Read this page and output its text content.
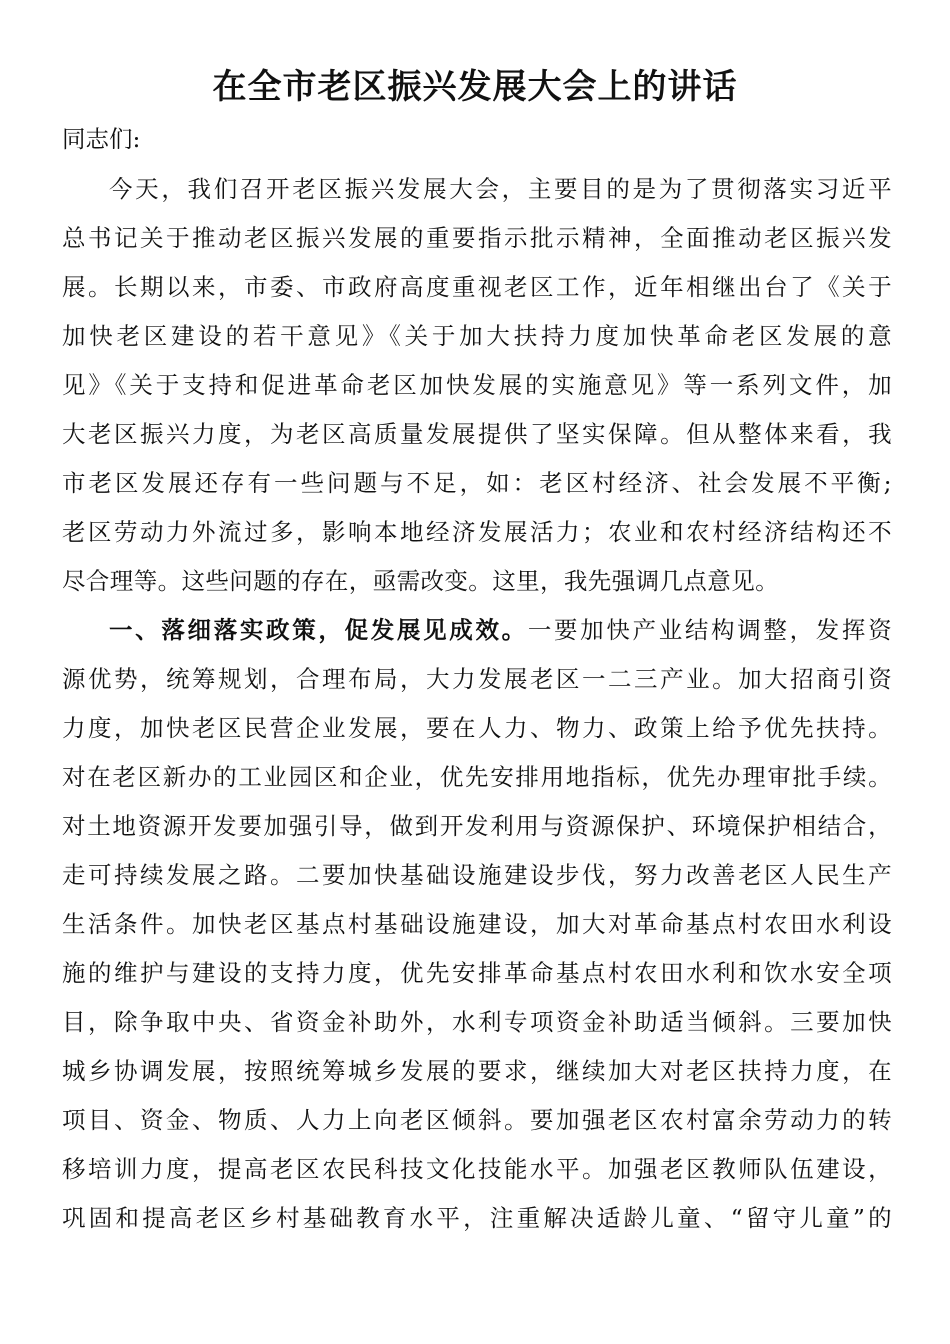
在全市老区振兴发展大会上的讲话

同志们:

今天，我们召开老区振兴发展大会，主要目的是为了贯彻落实习近平
总书记关于推动老区振兴发展的重要指示批示精神，全面推动老区振兴发
展。长期以来，市委、市政府高度重视老区工作，近年相继出台了《关于
加快老区建设的若干意见》《关于加大扶持力度加快革命老区发展的意
见》《关于支持和促进革命老区加快发展的实施意见》等一系列文件，加
大老区振兴力度，为老区高质量发展提供了坚实保障。但从整体来看，我
市老区发展还存有一些问题与不足，如：老区村经济、社会发展不平衡;
老区劳动力外流过多，影响本地经济发展活力；农业和农村经济结构还不
尽合理等。这些问题的存在，亟需改变。这里，我先强调几点意见。
一、落细落实政策，促发展见成效。一要加快产业结构调整，发挥资
源优势，统筹规划，合理布局，大力发展老区一二三产业。加大招商引资
力度，加快老区民营企业发展，要在人力、物力、政策上给予优先扶持。
对在老区新办的工业园区和企业，优先安排用地指标，优先办理审批手续。
对土地资源开发要加强引导，做到开发利用与资源保护、环境保护相结合，
走可持续发展之路。二要加快基础设施建设步伐，努力改善老区人民生产
生活条件。加快老区基点村基础设施建设，加大对革命基点村农田水利设
施的维护与建设的支持力度，优先安排革命基点村农田水利和饮水安全项
目，除争取中央、省资金补助外，水利专项资金补助适当倾斜。三要加快
城乡协调发展，按照统筹城乡发展的要求，继续加大对老区扶持力度，在
项目、资金、物质、人力上向老区倾斜。要加强老区农村富余劳动力的转
移培训力度，提高老区农民科技文化技能水平。加强老区教师队伍建设，
巩固和提高老区乡村基础教育水平，注重解决适龄儿童、“留守儿童”的
